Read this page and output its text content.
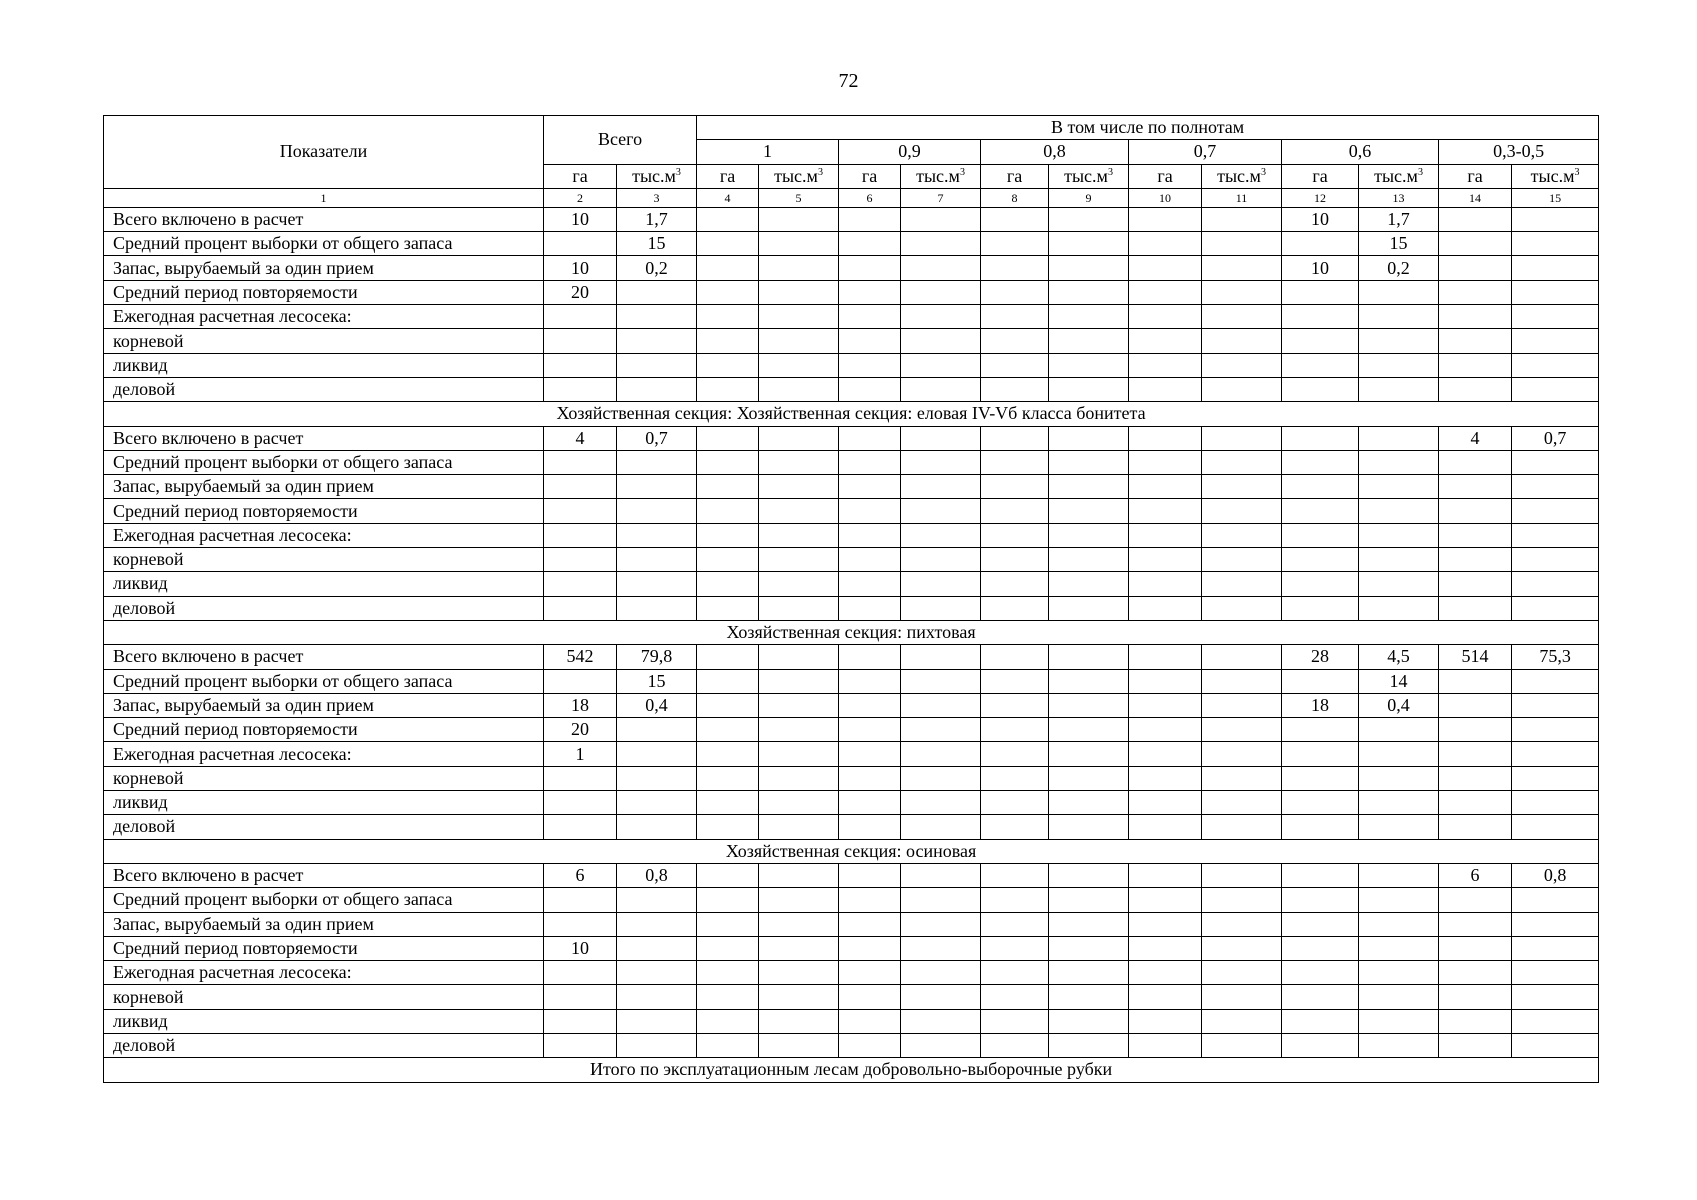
72
Показатели	Всего		В том числе по полнотам											
			1		0,9		0,8		0,7		0,6		0,3-0,5	
	га	$тыс.м^3$	га	$тыс.м^3$	га	$тыс.м^3$	га	$тыс.м^3$	га	$тыс.м^3$	га	$тыс.м^3$	га	$тыс.м^3$
1	2	3	4	5	6	7	8	9	10	11	12	13	14	15
Всего включено в расчет	10	1,7									10	1,7		
Средний процент выборки от общего запаса		15										15		
Запас, вырубаемый за один прием	10	0,2									10	0,2		
Средний период повторяемости	20													
Ежегодная расчетная лесосека:														
корневой														
ликвид														
деловой														
Хозяйственная секция: Хозяйственная секция: еловая IV-Vб класса бонитета														
Всего включено в расчет	4	0,7											4	0,7
Средний процент выборки от общего запаса														
Запас, вырубаемый за один прием														
Средний период повторяемости														
Ежегодная расчетная лесосека:														
корневой														
ликвид														
деловой														
Хозяйственная секция: пихтовая														
Всего включено в расчет	542	79,8									28	4,5	514	75,3
Средний процент выборки от общего запаса		15										14		
Запас, вырубаемый за один прием	18	0,4									18	0,4		
Средний период повторяемости	20													
Ежегодная расчетная лесосека:	1													
корневой														
ликвид														
деловой														
Хозяйственная секция: осиновая														
Всего включено в расчет	6	0,8											6	0,8
Средний процент выборки от общего запаса														
Запас, вырубаемый за один прием														
Средний период повторяемости	10													
Ежегодная расчетная лесосека:														
корневой														
ликвид														
деловой														
Итого по эксплуатационным лесам добровольно-выборочные рубки														
